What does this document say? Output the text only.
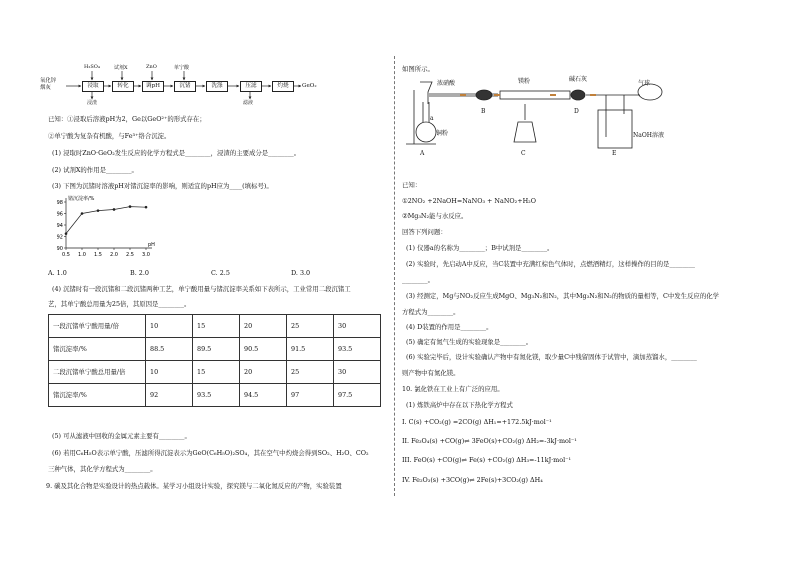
氧化锌
烟灰	浸取	转化	调pH	沉锗	洗涤	压滤	灼烧
H₂SO₄	试剂X	ZnO	单宁酸
浸渣	滤液
GeO₂
已知：①浸取后溶液pH为2，Ge以GeO²⁺的形式存在；
②单宁酸为复杂有机酸，与Fe³⁺络合沉淀。
(1) 浸取时ZnO·GeO₂发生反应的化学方程式是________，浸渣的主要成分是________。
(2) 试剂X的作用是________。
(3) 下图为沉锗时溶液pH对锗沉淀率的影响，则适宜的pH应为____(填标号)。
90
92
94
96
98
0.5 1.0 1.5 2.0 2.5 3.0
锗沉淀率/%
pH
A. 1.0	B. 2.0	C. 2.5	D. 3.0
(4) 沉锗时有一段沉锗和二段沉锗两种工艺，单宁酸用量与锗沉淀率关系如下表所示，工业常用二段沉锗工
艺，其单宁酸总用量为25倍，其原因是________。
一段沉锗单宁酸用量/倍	10	15	20	25	30
锗沉淀率/%	88.5	89.5	90.5	91.5	93.5
二段沉锗单宁酸总用量/倍	10	15	20	25	30
锗沉淀率/%	92	93.5	94.5	97	97.5
(5) 可从滤液中回收的金属元素主要有________。
(6) 若用C₆H₅O表示单宁酸，压滤所得沉淀表示为GeO(C₆H₅O)₂SO₄，其在空气中灼烧会得到SO₂、H₂O、CO₂
三种气体，其化学方程式为________。
9. 碳及其化合物是实验设计的热点载体。某学习小组设计实验，探究镁与二氧化氮反应的产物，实验装置
如图所示。
浓硝酸	镁粉	碱石灰
气球
铜粉	NaOH溶液
a
A
B
C
D
E
已知：
①2NO₂ +2NaOH=NaNO₃ + NaNO₂+H₂O
②Mg₃N₂能与水反应。
回答下列问题：
(1) 仪器a的名称为________；B中试剂是________。
(2) 实验时，先启动A中反应，当C装置中充满红棕色气体时，点燃酒精灯，这样操作的目的是________
________。
(3) 经测定，Mg与NO₂反应生成MgO、Mg₃N₂和N₂，其中Mg₃N₂和N₂的物质的量相等，C中发生反应的化学
方程式为________。
(4) D装置的作用是________。
(5) 确定有氮气生成的实验现象是________。
(6) 实验完毕后，设计实验确认产物中有氮化镁，取少量C中残留固体于试管中，滴加蒸馏水，________
则产物中有氮化镁。
10. 氯化铁在工业上有广泛的应用。
(1) 炼铁高炉中存在以下热化学方程式
I. C(s) +CO₂(g) =2CO(g) ΔH₁=+172.5kJ·mol⁻¹
II. Fe₃O₄(s) +CO(g)⇌ 3FeO(s)+CO₂(g) ΔH₂=-3kJ·mol⁻¹
III. FeO(s) +CO(g)⇌ Fe(s) +CO₂(g) ΔH₃=-11kJ·mol⁻¹
IV. Fe₂O₃(s) +3CO(g)⇌ 2Fe(s)+3CO₂(g) ΔH₄
